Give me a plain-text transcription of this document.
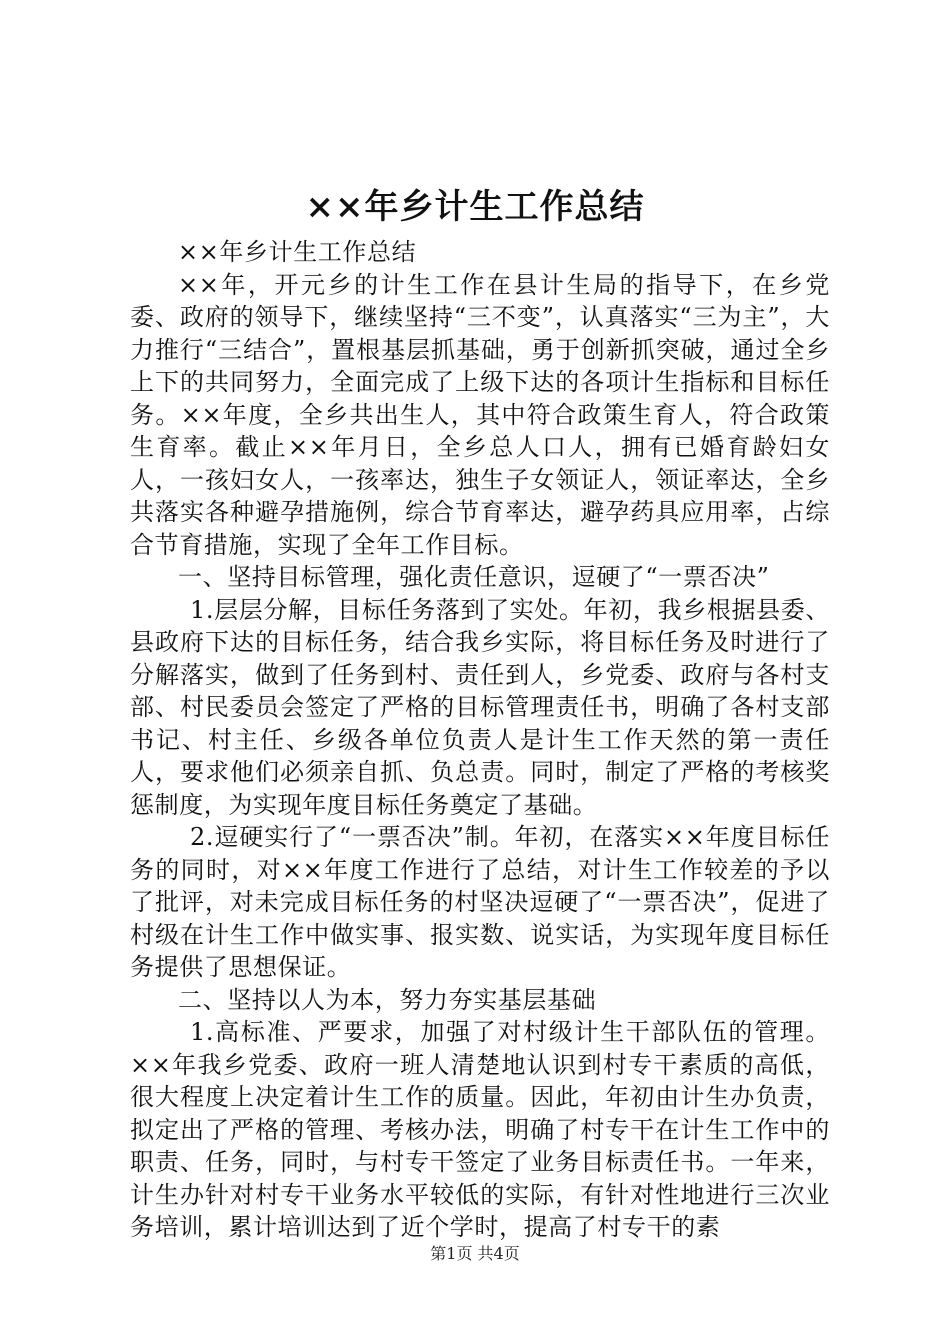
××年乡计生工作总结

××年乡计生工作总结

××年，开元乡的计生工作在县计生局的指导下，在乡党委、政府的领导下，继续坚持“三不变”，认真落实“三为主”，大力推行“三结合”，置根基层抓基础，勇于创新抓突破，通过全乡上下的共同努力，全面完成了上级下达的各项计生指标和目标任务。××年度，全乡共出生人，其中符合政策生育人，符合政策生育率。截止××年月日，全乡总人口人，拥有已婚育龄妇女人，一孩妇女人，一孩率达，独生子女领证人，领证率达，全乡共落实各种避孕措施例，综合节育率达，避孕药具应用率，占综合节育措施，实现了全年工作目标。

一、坚持目标管理，强化责任意识，逗硬了“一票否决”

1.层层分解，目标任务落到了实处。年初，我乡根据县委、县政府下达的目标任务，结合我乡实际，将目标任务及时进行了分解落实，做到了任务到村、责任到人，乡党委、政府与各村支部、村民委员会签定了严格的目标管理责任书，明确了各村支部书记、村主任、乡级各单位负责人是计生工作天然的第一责任人，要求他们必须亲自抓、负总责。同时，制定了严格的考核奖惩制度，为实现年度目标任务奠定了基础。

2.逗硬实行了“一票否决”制。年初，在落实××年度目标任务的同时，对××年度工作进行了总结，对计生工作较差的予以了批评，对未完成目标任务的村坚决逗硬了“一票否决”，促进了村级在计生工作中做实事、报实数、说实话，为实现年度目标任务提供了思想保证。

二、坚持以人为本，努力夯实基层基础

1.高标准、严要求，加强了对村级计生干部队伍的管理。××年我乡党委、政府一班人清楚地认识到村专干素质的高低，很大程度上决定着计生工作的质量。因此，年初由计生办负责，拟定出了严格的管理、考核办法，明确了村专干在计生工作中的职责、任务，同时，与村专干签定了业务目标责任书。一年来，计生办针对村专干业务水平较低的实际，有针对性地进行三次业务培训，累计培训达到了近个学时，提高了村专干的素

第1页 共4页
